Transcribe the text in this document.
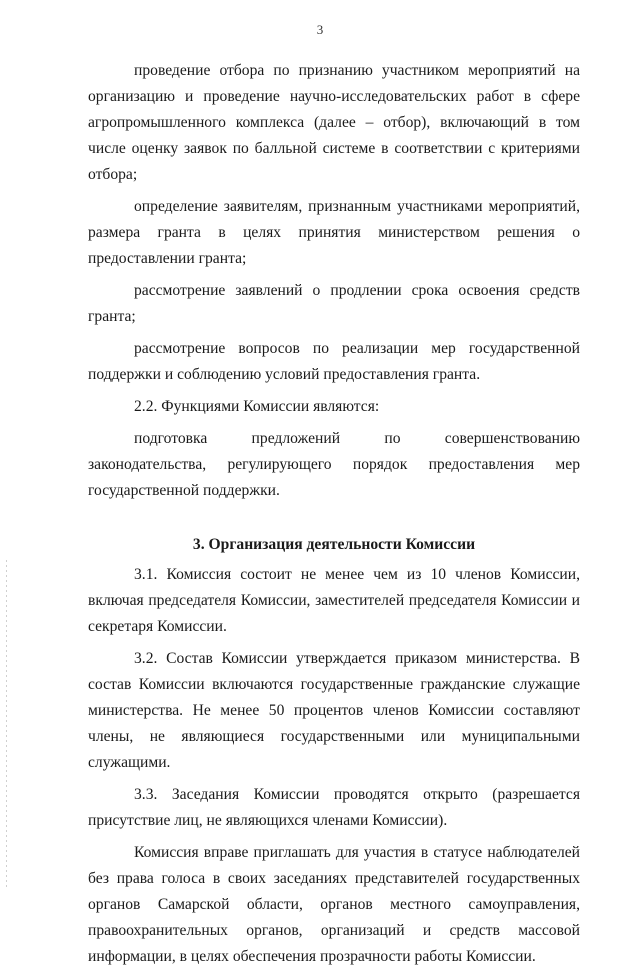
3

проведение отбора по признанию участником мероприятий на организацию и проведение научно-исследовательских работ в сфере агропромышленного комплекса (далее – отбор), включающий в том числе оценку заявок по балльной системе в соответствии с критериями отбора;

определение заявителям, признанным участниками мероприятий, размера гранта в целях принятия министерством решения о предоставлении гранта;

рассмотрение заявлений о продлении срока освоения средств гранта;

рассмотрение вопросов по реализации мер государственной поддержки и соблюдению условий предоставления гранта.

2.2. Функциями Комиссии являются:

подготовка предложений по совершенствованию законодательства, регулирующего порядок предоставления мер государственной поддержки.

3. Организация деятельности Комиссии

3.1. Комиссия состоит не менее чем из 10 членов Комиссии, включая председателя Комиссии, заместителей председателя Комиссии и секретаря Комиссии.

3.2. Состав Комиссии утверждается приказом министерства. В состав Комиссии включаются государственные гражданские служащие министерства. Не менее 50 процентов членов Комиссии составляют члены, не являющиеся государственными или муниципальными служащими.

3.3. Заседания Комиссии проводятся открыто (разрешается присутствие лиц, не являющихся членами Комиссии).

Комиссия вправе приглашать для участия в статусе наблюдателей без права голоса в своих заседаниях представителей государственных органов Самарской области, органов местного самоуправления, правоохранительных органов, организаций и средств массовой информации, в целях обеспечения прозрачности работы Комиссии.
